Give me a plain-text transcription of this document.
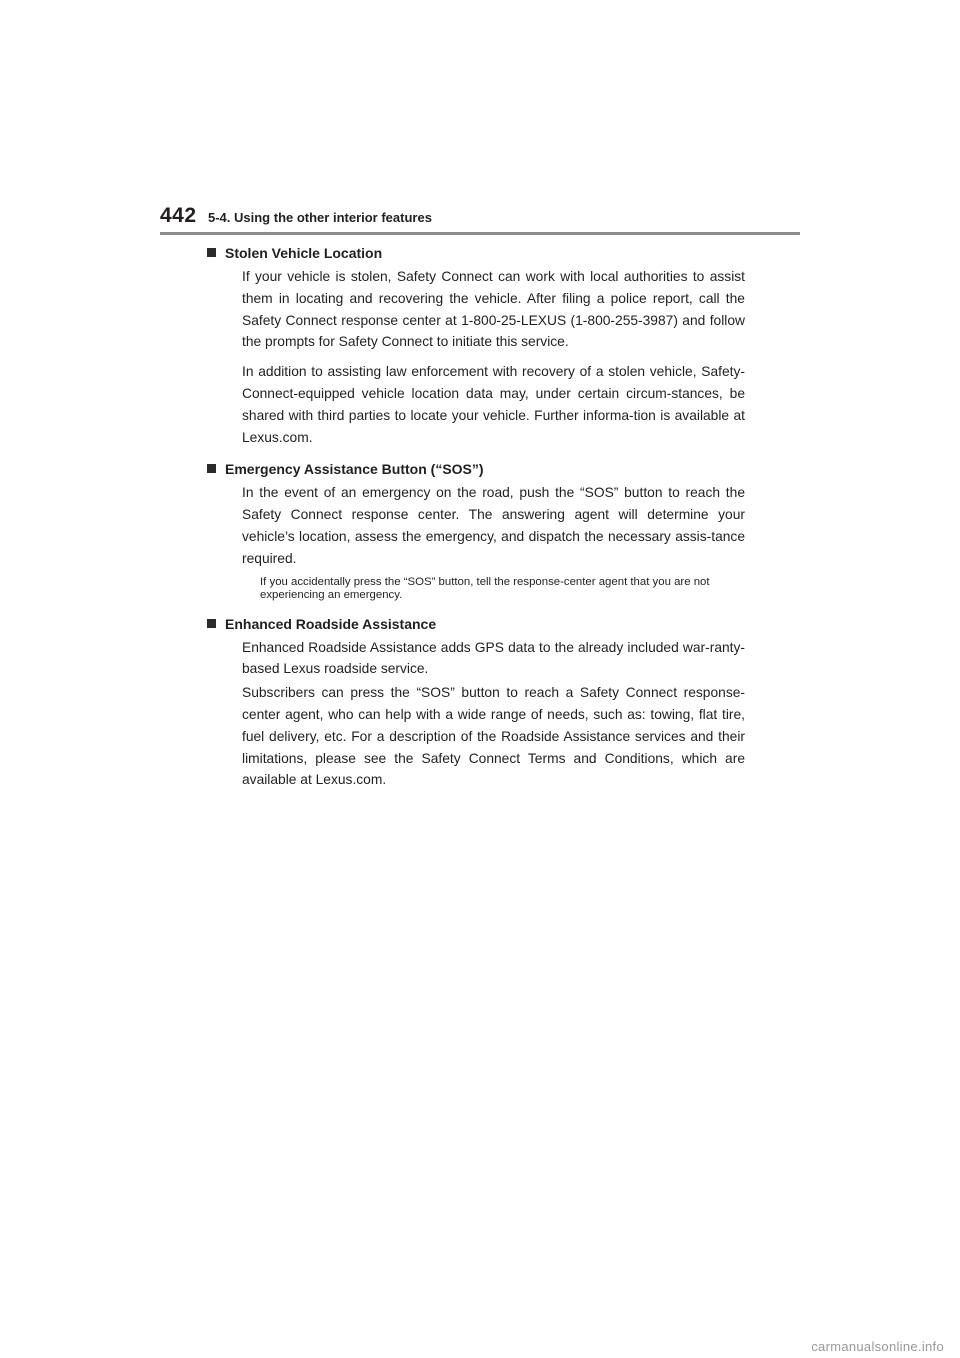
442 5-4. Using the other interior features
Stolen Vehicle Location

If your vehicle is stolen, Safety Connect can work with local authorities to assist them in locating and recovering the vehicle. After filing a police report, call the Safety Connect response center at 1-800-25-LEXUS (1-800-255-3987) and follow the prompts for Safety Connect to initiate this service.

In addition to assisting law enforcement with recovery of a stolen vehicle, Safety-Connect-equipped vehicle location data may, under certain circum-stances, be shared with third parties to locate your vehicle. Further informa-tion is available at Lexus.com.

Emergency Assistance Button (“SOS”)

In the event of an emergency on the road, push the “SOS” button to reach the Safety Connect response center. The answering agent will determine your vehicle’s location, assess the emergency, and dispatch the necessary assis-tance required.

If you accidentally press the “SOS” button, tell the response-center agent that you are not experiencing an emergency.

Enhanced Roadside Assistance

Enhanced Roadside Assistance adds GPS data to the already included war-ranty-based Lexus roadside service.

Subscribers can press the “SOS” button to reach a Safety Connect response-center agent, who can help with a wide range of needs, such as: towing, flat tire, fuel delivery, etc. For a description of the Roadside Assistance services and their limitations, please see the Safety Connect Terms and Conditions, which are available at Lexus.com.

carmanualsonline.info
